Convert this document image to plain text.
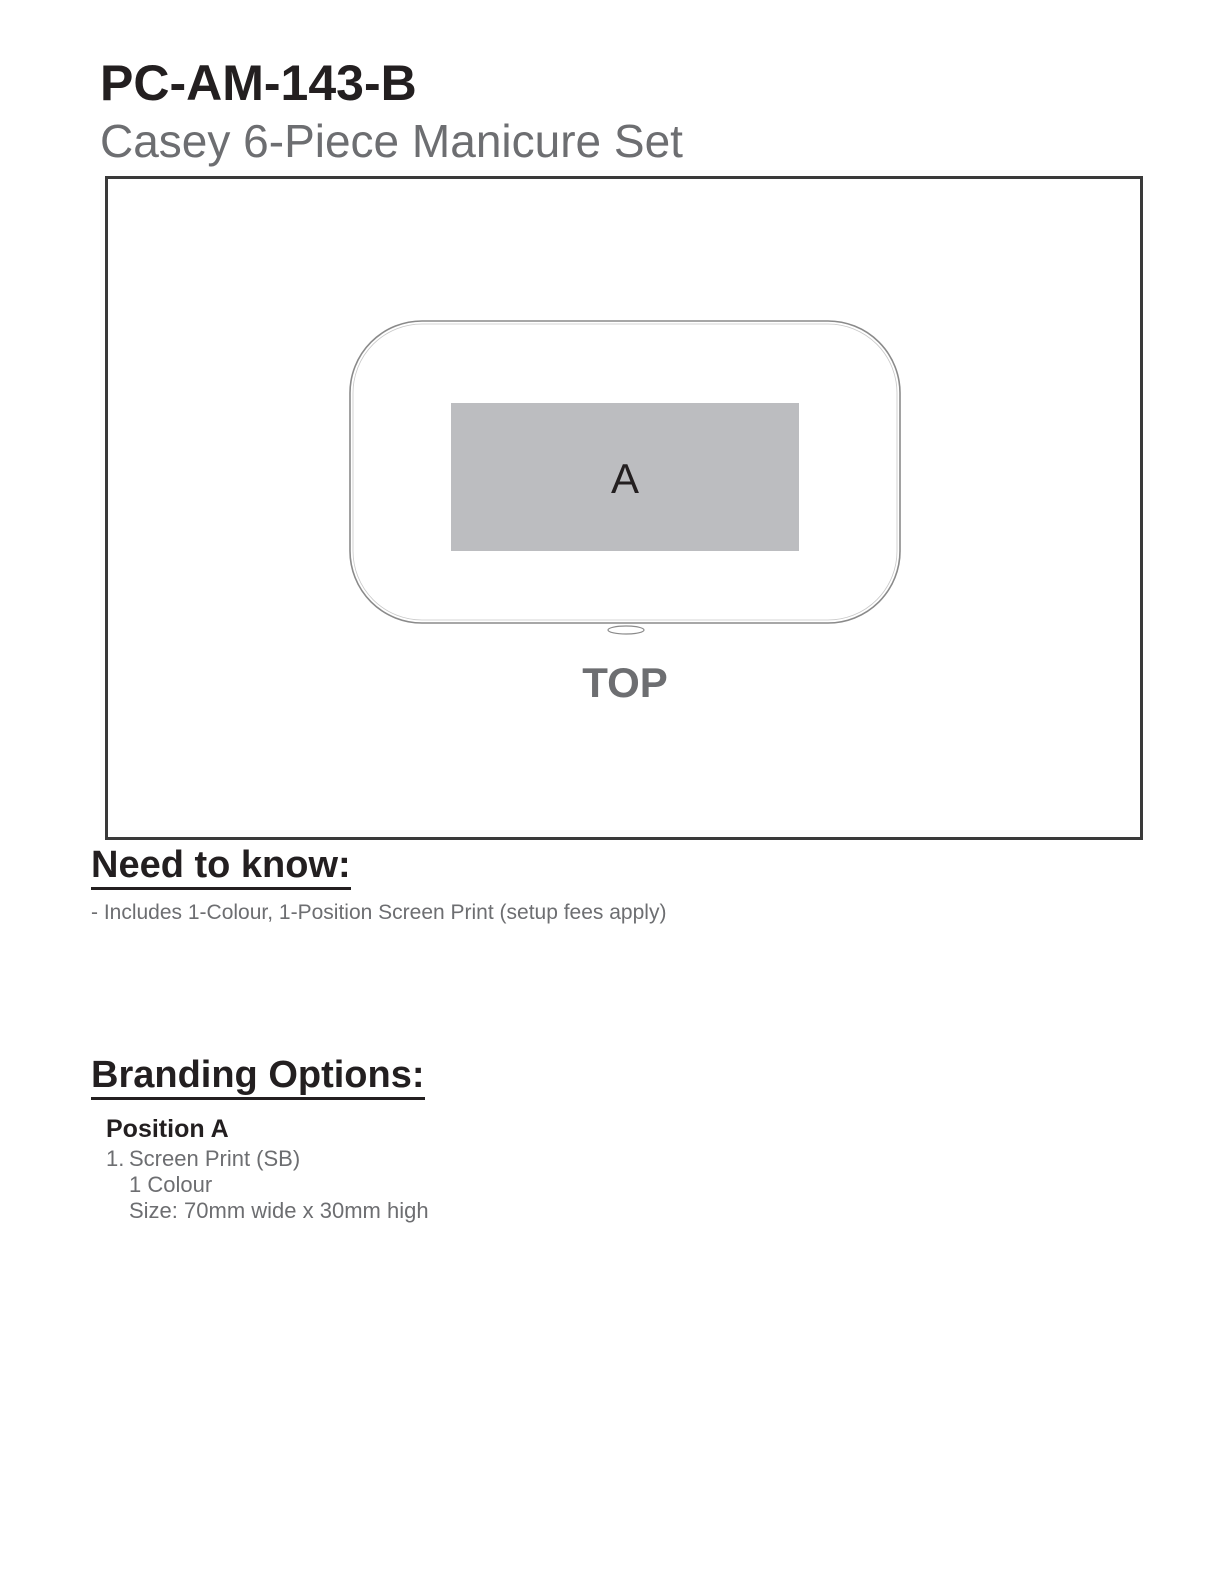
PC-AM-143-B
Casey 6-Piece Manicure Set
A
TOP
Need to know:

- Includes 1-Colour, 1-Position Screen Print (setup fees apply)

Branding Options:

Position A

1. Screen Print (SB)
1 Colour
Size: 70mm wide x 30mm high
